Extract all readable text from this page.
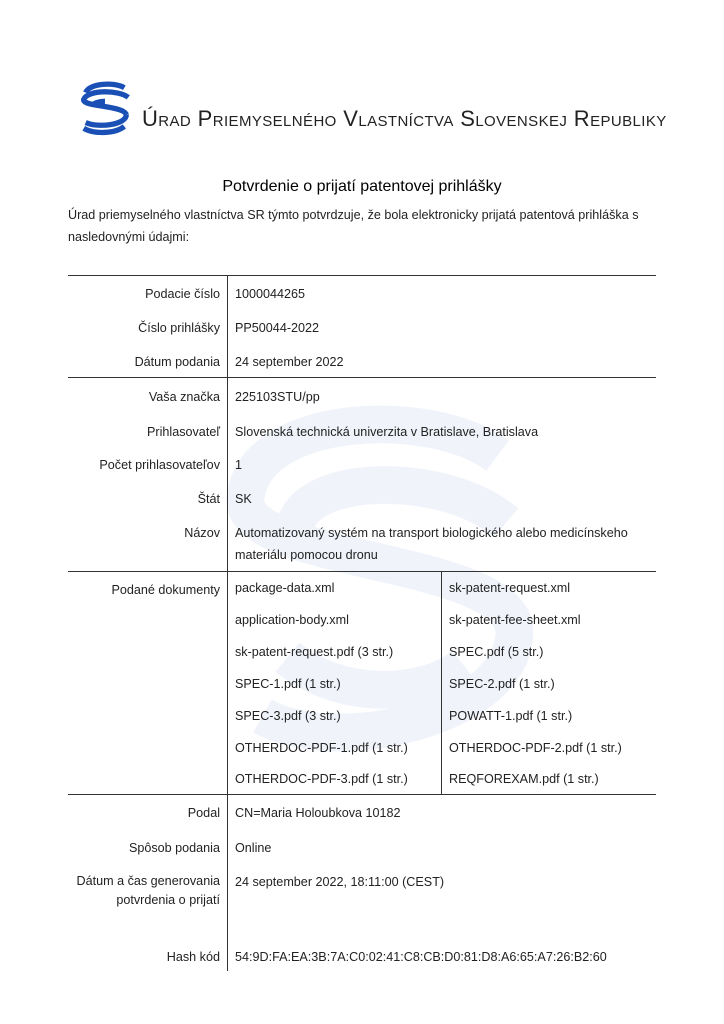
Úrad Priemyselného Vlastníctva Slovenskej Republiky
Potvrdenie o prijatí patentovej prihlášky
Úrad priemyselného vlastníctva SR týmto potvrdzuje, že bola elektronicky prijatá patentová prihláška s nasledovnými údajmi:
Podacie číslo 1000044265
Číslo prihlášky PP50044-2022
Dátum podania 24 september 2022
Vaša značka 225103STU/pp
Prihlasovateľ Slovenská technická univerzita v Bratislave, Bratislava
Počet prihlasovateľov 1
Štát SK
Názov Automatizovaný systém na transport biologického alebo medicínskeho materiálu pomocou dronu
Podané dokumenty package-data.xml	sk-patent-request.xml
application-body.xml	sk-patent-fee-sheet.xml
sk-patent-request.pdf (3 str.)	SPEC.pdf (5 str.)
SPEC-1.pdf (1 str.)	SPEC-2.pdf (1 str.)
SPEC-3.pdf (3 str.)	POWATT-1.pdf (1 str.)
OTHERDOC-PDF-1.pdf (1 str.)	OTHERDOC-PDF-2.pdf (1 str.)
OTHERDOC-PDF-3.pdf (1 str.)	REQFOREXAM.pdf (1 str.)
Podal CN=Maria Holoubkova 10182
Spôsob podania Online
Dátum a čas generovania potvrdenia o prijatí
24 september 2022, 18:11:00 (CEST)
Hash kód 54:9D:FA:EA:3B:7A:C0:02:41:C8:CB:D0:81:D8:A6:65:A7:26:B2:60
